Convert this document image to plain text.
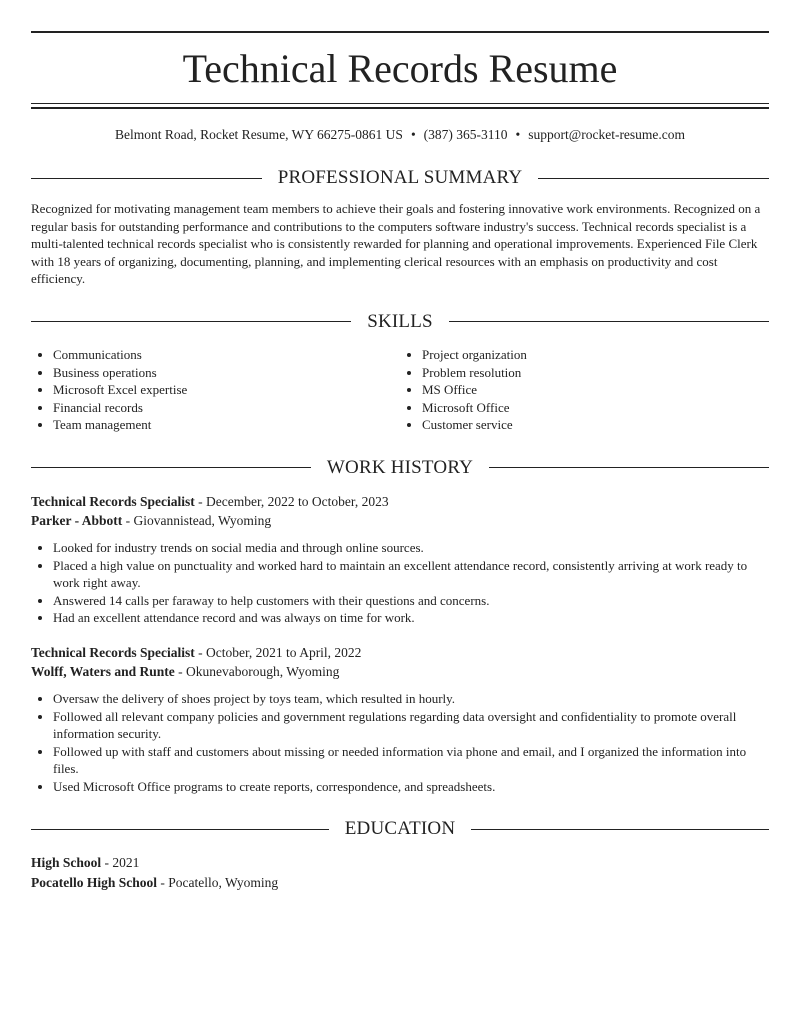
Technical Records Resume
Belmont Road, Rocket Resume, WY 66275-0861 US • (387) 365-3110 • support@rocket-resume.com
PROFESSIONAL SUMMARY
Recognized for motivating management team members to achieve their goals and fostering innovative work environments. Recognized on a regular basis for outstanding performance and contributions to the computers software industry's success. Technical records specialist is a multi-talented technical records specialist who is consistently rewarded for planning and operational improvements. Experienced File Clerk with 18 years of organizing, documenting, planning, and implementing clerical resources with an emphasis on productivity and cost efficiency.
SKILLS
• Communications
• Business operations
• Microsoft Excel expertise
• Financial records
• Team management
• Project organization
• Problem resolution
• MS Office
• Microsoft Office
• Customer service
WORK HISTORY
Technical Records Specialist - December, 2022 to October, 2023
Parker - Abbott - Giovannistead, Wyoming
• Looked for industry trends on social media and through online sources.
• Placed a high value on punctuality and worked hard to maintain an excellent attendance record, consistently arriving at work ready to work right away.
• Answered 14 calls per faraway to help customers with their questions and concerns.
• Had an excellent attendance record and was always on time for work.
Technical Records Specialist - October, 2021 to April, 2022
Wolff, Waters and Runte - Okunevaborough, Wyoming
• Oversaw the delivery of shoes project by toys team, which resulted in hourly.
• Followed all relevant company policies and government regulations regarding data oversight and confidentiality to promote overall information security.
• Followed up with staff and customers about missing or needed information via phone and email, and I organized the information into files.
• Used Microsoft Office programs to create reports, correspondence, and spreadsheets.
EDUCATION
High School - 2021
Pocatello High School - Pocatello, Wyoming
